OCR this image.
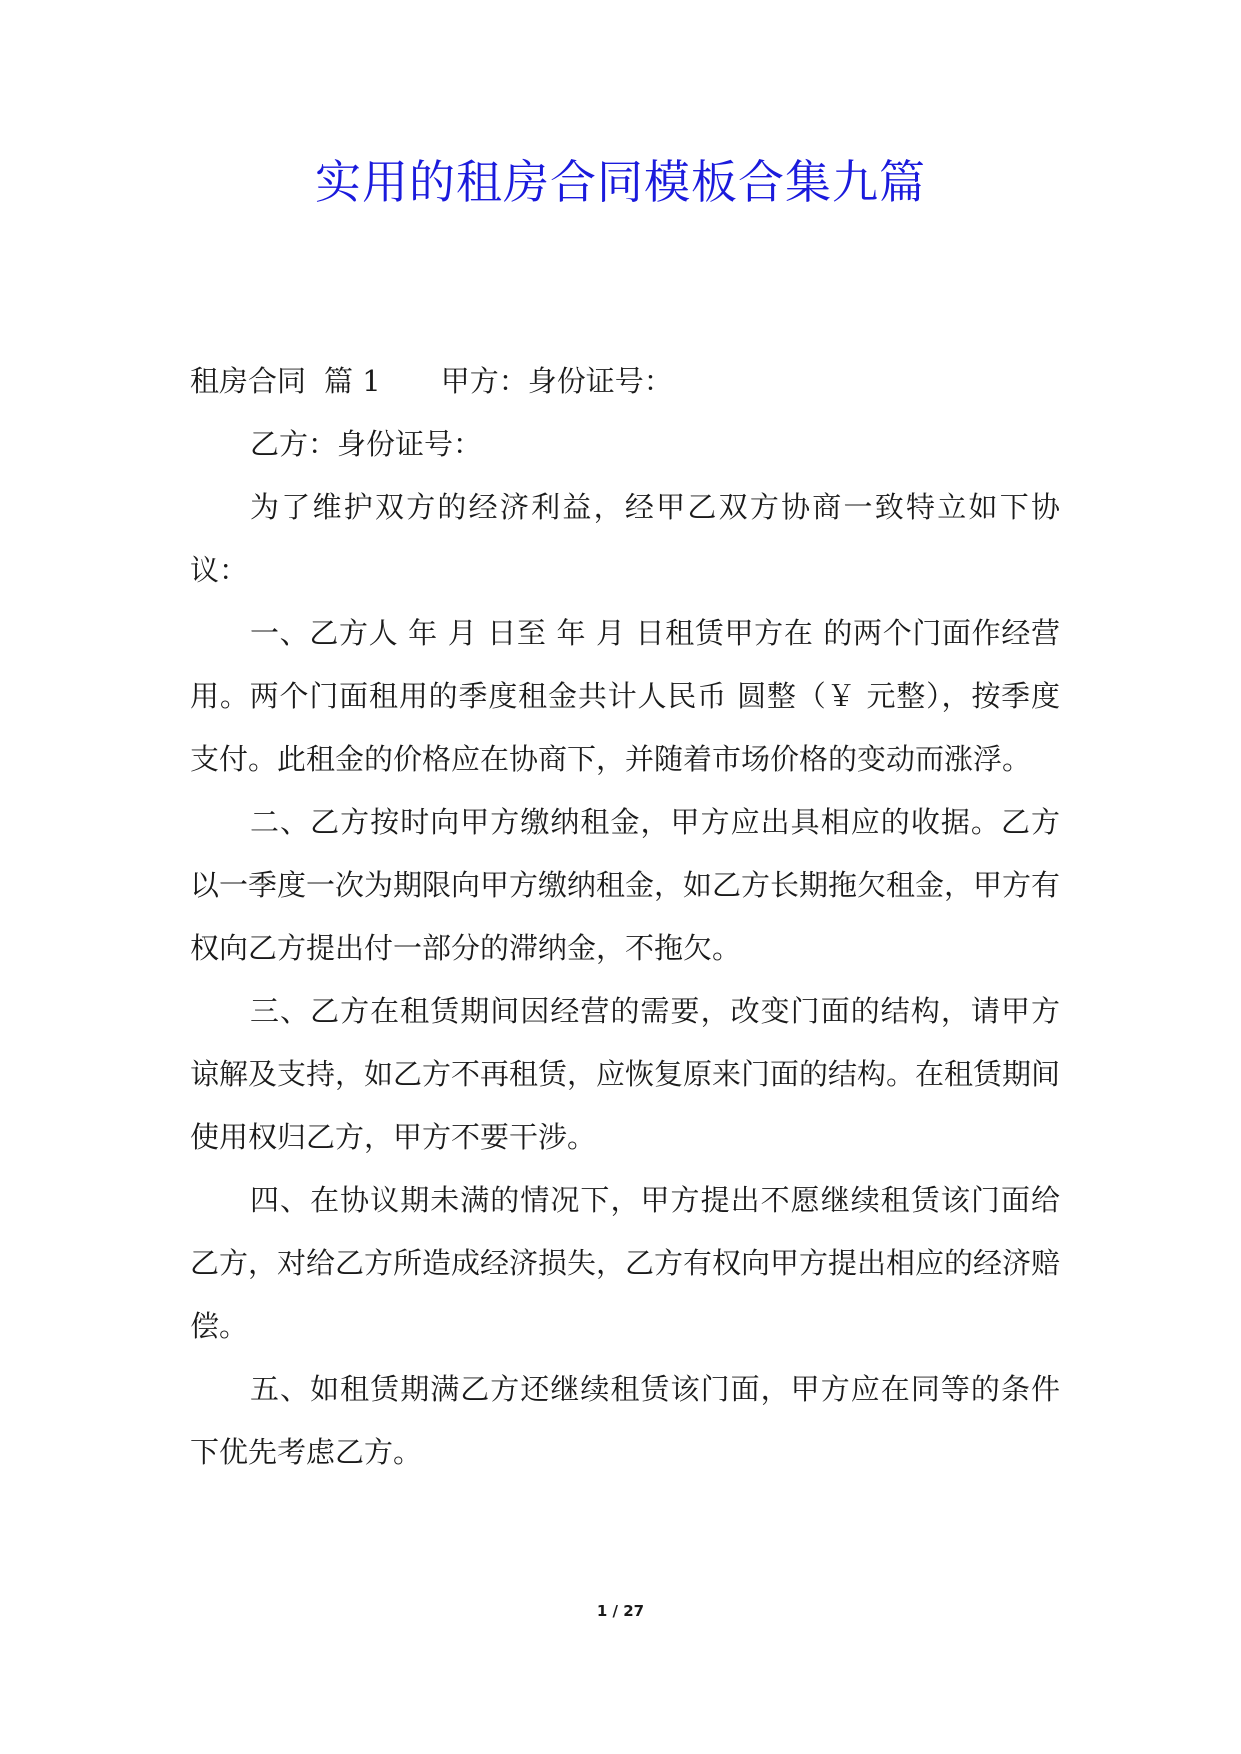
实用的租房合同模板合集九篇
租房合同 篇 1 甲方：身份证号：

乙方：身份证号：

为了维护双方的经济利益，经甲乙双方协商一致特立如下协议：

一、乙方人 年 月 日至 年 月 日租赁甲方在 的两个门面作经营用。两个门面租用的季度租金共计人民币 圆整（￥ 元整），按季度支付。此租金的价格应在协商下，并随着市场价格的变动而涨浮。

二、乙方按时向甲方缴纳租金，甲方应出具相应的收据。乙方以一季度一次为期限向甲方缴纳租金，如乙方长期拖欠租金，甲方有权向乙方提出付一部分的滞纳金，不拖欠。

三、乙方在租赁期间因经营的需要，改变门面的结构，请甲方谅解及支持，如乙方不再租赁，应恢复原来门面的结构。在租赁期间使用权归乙方，甲方不要干涉。

四、在协议期未满的情况下，甲方提出不愿继续租赁该门面给乙方，对给乙方所造成经济损失，乙方有权向甲方提出相应的经济赔偿。

五、如租赁期满乙方还继续租赁该门面，甲方应在同等的条件下优先考虑乙方。

1 / 27
